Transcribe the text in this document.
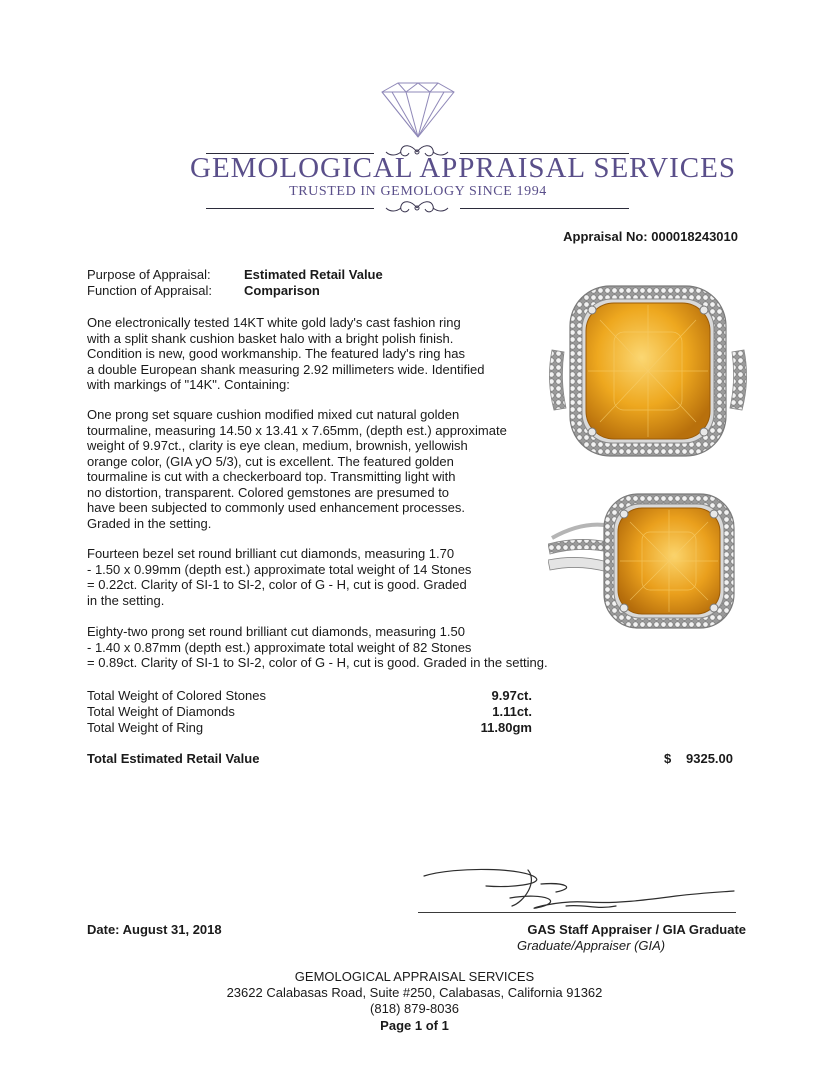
GEMOLOGICAL APPRAISAL SERVICES
TRUSTED IN GEMOLOGY SINCE 1994
Appraisal No: 000018243010
Purpose of Appraisal:	Estimated Retail Value
Function of Appraisal: Comparison
One electronically tested 14KT white gold lady's cast fashion ring
with a split shank cushion basket halo with a bright polish finish.
Condition is new, good workmanship. The featured lady's ring has
a double European shank measuring 2.92 millimeters wide. Identified
with markings of "14K". Containing:
One prong set square cushion modified mixed cut natural golden
tourmaline, measuring 14.50 x 13.41 x 7.65mm, (depth est.) approximate
weight of 9.97ct., clarity is eye clean, medium, brownish, yellowish
orange color, (GIA yO 5/3), cut is excellent. The featured golden
tourmaline is cut with a checkerboard top. Transmitting light with
no distortion, transparent. Colored gemstones are presumed to
have been subjected to commonly used enhancement processes.
Graded in the setting.
Fourteen bezel set round brilliant cut diamonds, measuring 1.70
- 1.50 x 0.99mm (depth est.) approximate total weight of 14 Stones
= 0.22ct. Clarity of SI-1 to SI-2, color of G - H, cut is good. Graded
in the setting.
Eighty-two prong set round brilliant cut diamonds, measuring 1.50
- 1.40 x 0.87mm (depth est.) approximate total weight of 82 Stones
= 0.89ct. Clarity of SI-1 to SI-2, color of G - H, cut is good. Graded in the setting.
Total Weight of Colored Stones	9.97ct.
Total Weight of Diamonds	1.11ct.
Total Weight of Ring	11.80gm
Total Estimated Retail Value	$ 9325.00
Date: August 31, 2018	GAS Staff Appraiser / GIA Graduate
Graduate/Appraiser (GIA)
GEMOLOGICAL APPRAISAL SERVICES
23622 Calabasas Road, Suite #250, Calabasas, California 91362
(818) 879-8036
Page 1 of 1
